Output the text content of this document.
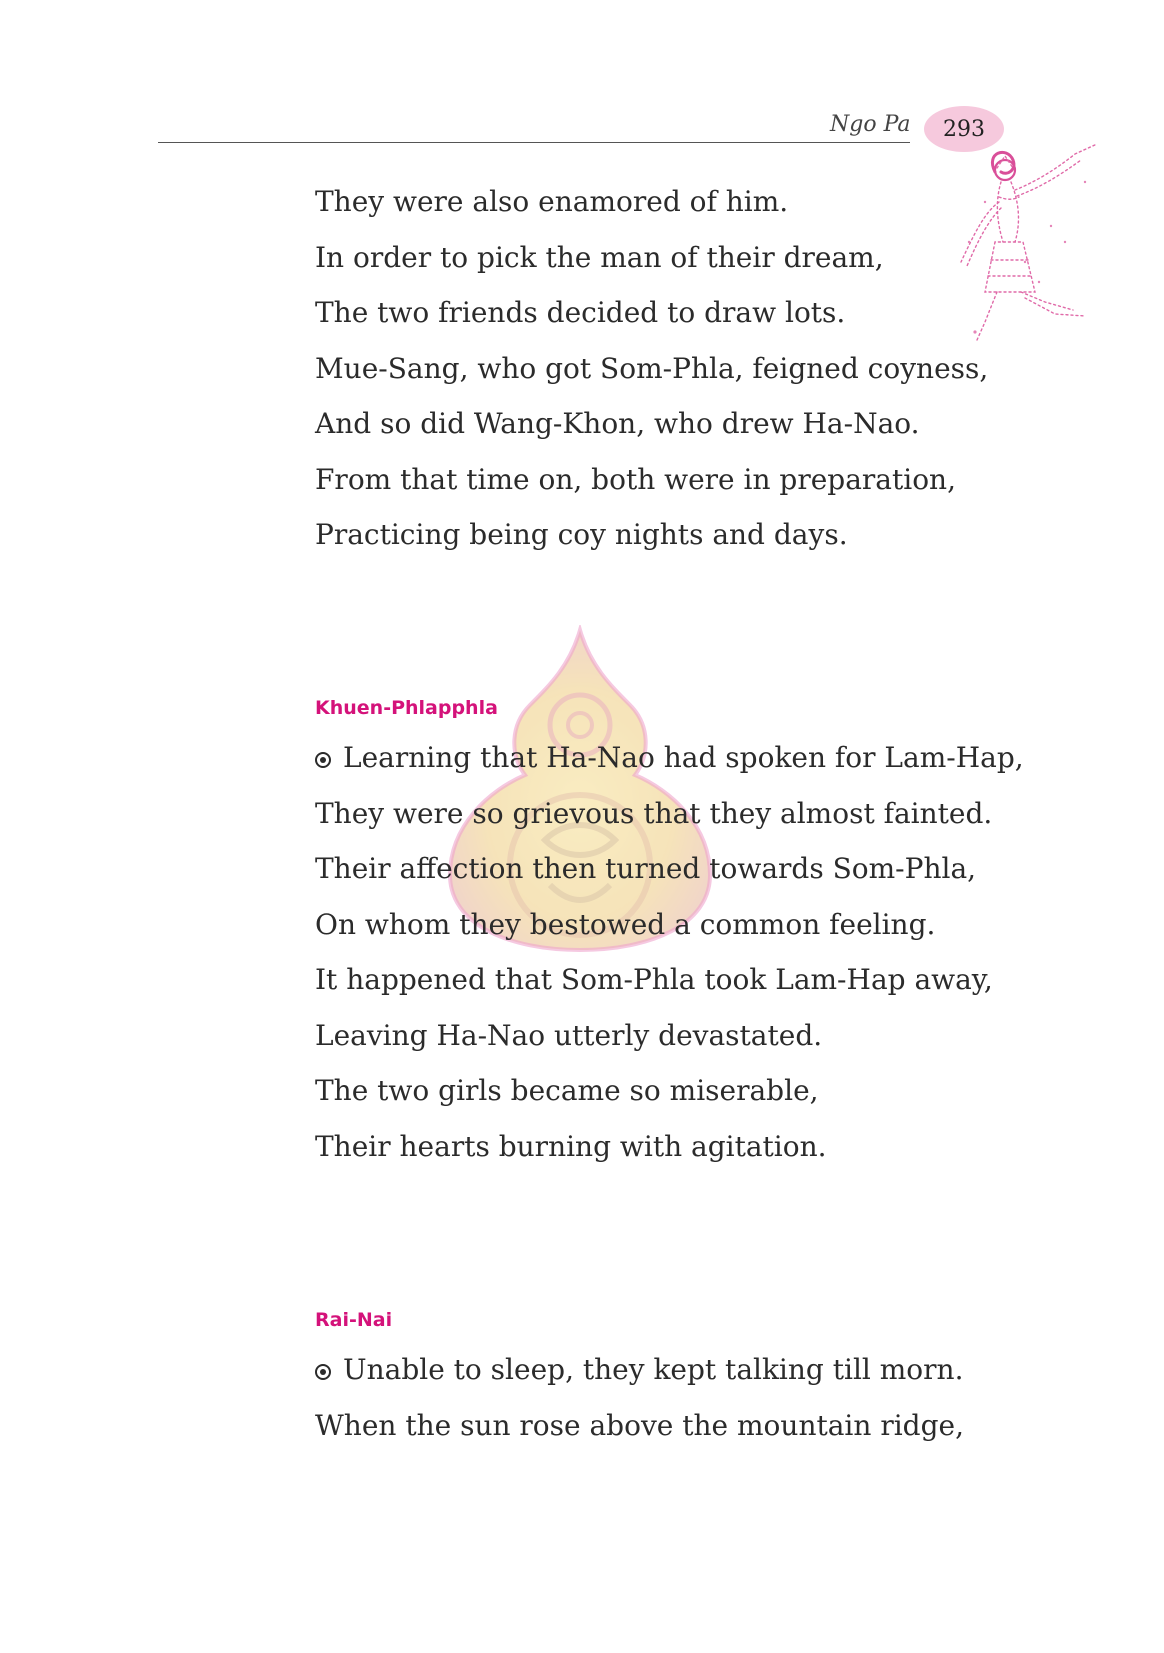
Ngo Pa 293
They were also enamored of him.
In order to pick the man of their dream,
The two friends decided to draw lots.
Mue-Sang, who got Som-Phla, feigned coyness,
And so did Wang-Khon, who drew Ha-Nao.
From that time on, both were in preparation,
Practicing being coy nights and days.
Khuen-Phlapphla
Learning that Ha-Nao had spoken for Lam-Hap,
They were so grievous that they almost fainted.
Their affection then turned towards Som-Phla,
On whom they bestowed a common feeling.
It happened that Som-Phla took Lam-Hap away,
Leaving Ha-Nao utterly devastated.
The two girls became so miserable,
Their hearts burning with agitation.
Rai-Nai
Unable to sleep, they kept talking till morn.
When the sun rose above the mountain ridge,
